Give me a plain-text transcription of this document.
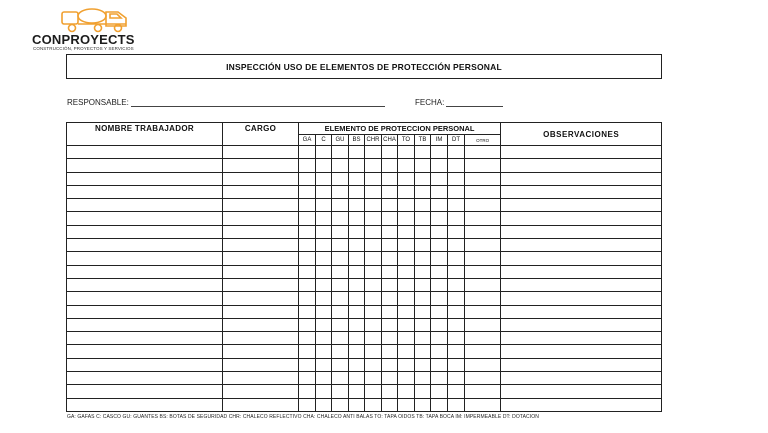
CONPROYECTS
CONSTRUCCIÓN, PROYECTOS Y SERVICIOS
INSPECCIÓN USO DE ELEMENTOS DE PROTECCIÓN PERSONAL
RESPONSABLE:	FECHA:
NOMBRE TRABAJADOR	CARGO	ELEMENTO DE PROTECCION PERSONAL											OBSERVACIONES
		GA	C	GU	BS	CHR	CHA	TO	TB	IM	DT	OTRO	

GA: GAFAS C: CASCO GU: GUANTES BS: BOTAS DE SEGURIDAD CHR: CHALECO REFLECTIVO CHA: CHALECO ANTI BALAS TO: TAPA OIDOS TB: TAPA BOCA IM: IMPERMEABLE DT: DOTACION
